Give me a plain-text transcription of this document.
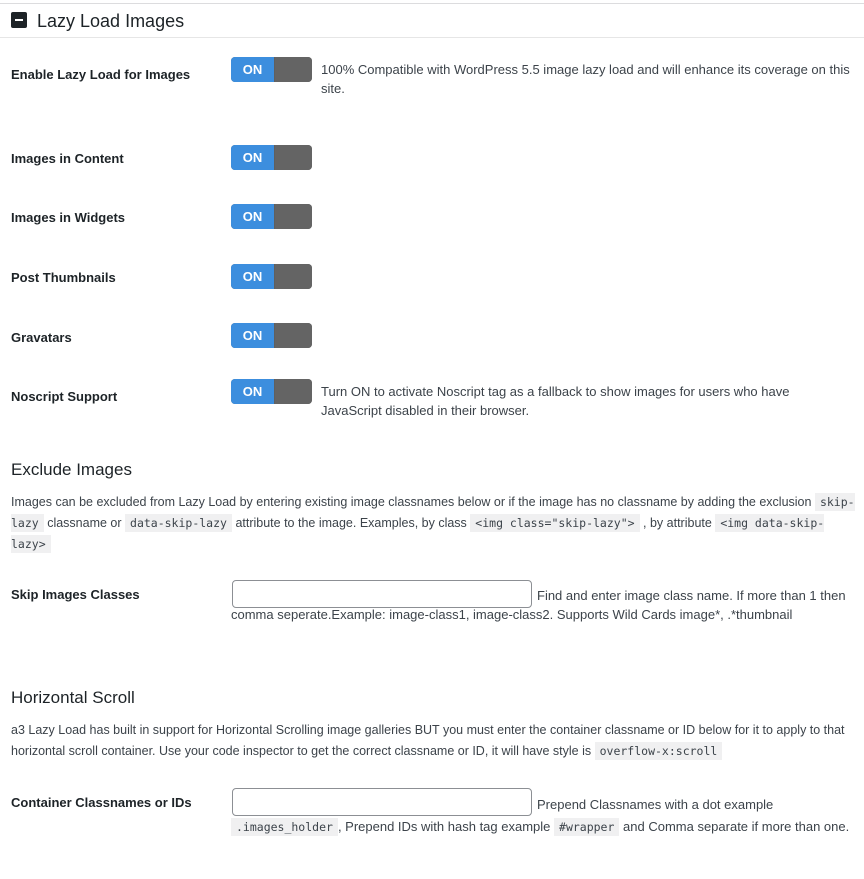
Lazy Load Images
Enable Lazy Load for Images	ON	100% Compatible with WordPress 5.5 image lazy load and will enhance its coverage on this site.
Images in Content	ON
Images in Widgets	ON
Post Thumbnails	ON
Gravatars	ON
Noscript Support	ON	Turn ON to activate Noscript tag as a fallback to show images for users who have JavaScript disabled in their browser.
Exclude Images
Images can be excluded from Lazy Load by entering existing image classnames below or if the image has no classname by adding the exclusion skip-lazy classname or data-skip-lazy attribute to the image. Examples, by class <img class="skip-lazy"> , by attribute <img data-skip-lazy>
Skip Images Classes	Find and enter image class name. If more than 1 then comma seperate.Example: image-class1, image-class2. Supports Wild Cards image*, .*thumbnail
Horizontal Scroll
a3 Lazy Load has built in support for Horizontal Scrolling image galleries BUT you must enter the container classname or ID below for it to apply to that horizontal scroll container. Use your code inspector to get the correct classname or ID, it will have style is overflow-x:scroll
Container Classnames or IDs	Prepend Classnames with a dot example .images_holder , Prepend IDs with hash tag example #wrapper and Comma separate if more than one.
